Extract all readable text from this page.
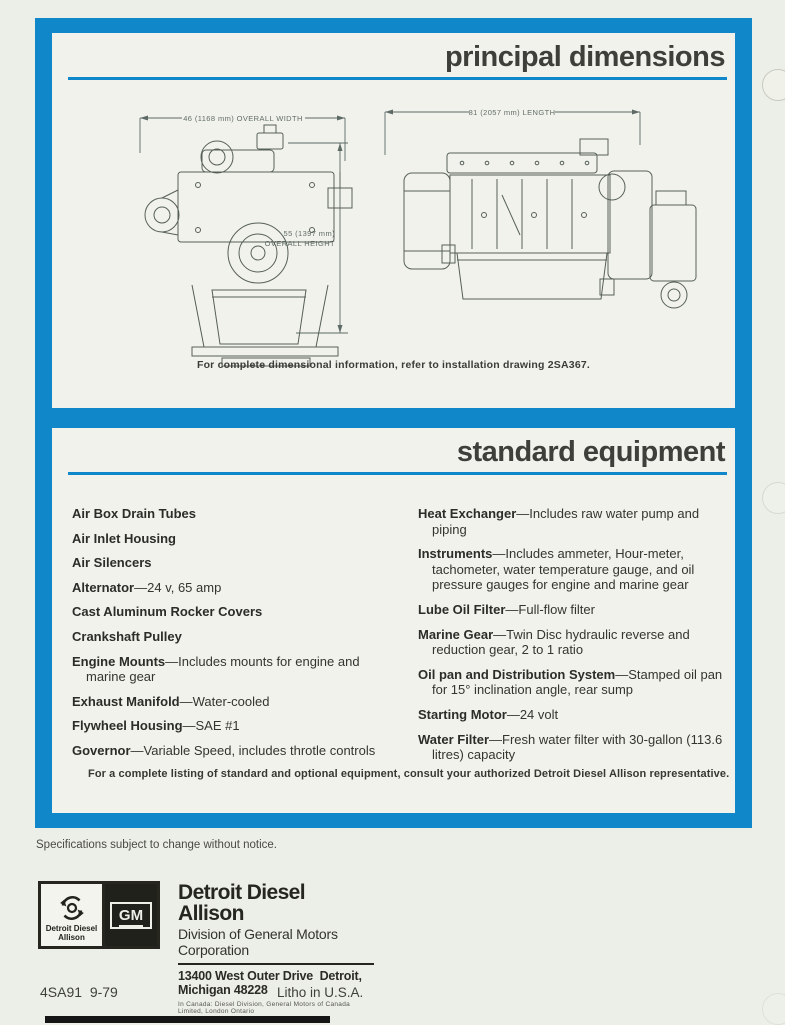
principal dimensions
46 (1168 mm) OVERALL WIDTH
55 (1397 mm)
OVERALL HEIGHT
81 (2057 mm) LENGTH

For complete dimensional information, refer to installation drawing 2SA367.

standard equipment

Air Box Drain Tubes

Air Inlet Housing

Air Silencers

Alternator—24 v, 65 amp

Cast Aluminum Rocker Covers

Crankshaft Pulley

Engine Mounts—Includes mounts for engine and marine gear

Exhaust Manifold—Water-cooled

Flywheel Housing—SAE #1

Governor—Variable Speed, includes throtle controls

Heat Exchanger—Includes raw water pump and piping

Instruments—Includes ammeter, Hour-meter, tachometer, water temperature gauge, and oil pressure gauges for engine and marine gear

Lube Oil Filter—Full-flow filter

Marine Gear—Twin Disc hydraulic reverse and reduction gear, 2 to 1 ratio

Oil pan and Distribution System—Stamped oil pan for 15° inclination angle, rear sump

Starting Motor—24 volt

Water Filter—Fresh water filter with 30-gallon (113.6 litres) capacity

For a complete listing of standard and optional equipment, consult your authorized Detroit Diesel Allison representative.

Specifications subject to change without notice.

Detroit Diesel
Allison
GM

Detroit Diesel Allison

Division of General Motors Corporation

13400 West Outer Drive  Detroit, Michigan 48228

In Canada: Diesel Division, General Motors of Canada Limited, London Ontario

4SA91  9-79	Litho in U.S.A.
